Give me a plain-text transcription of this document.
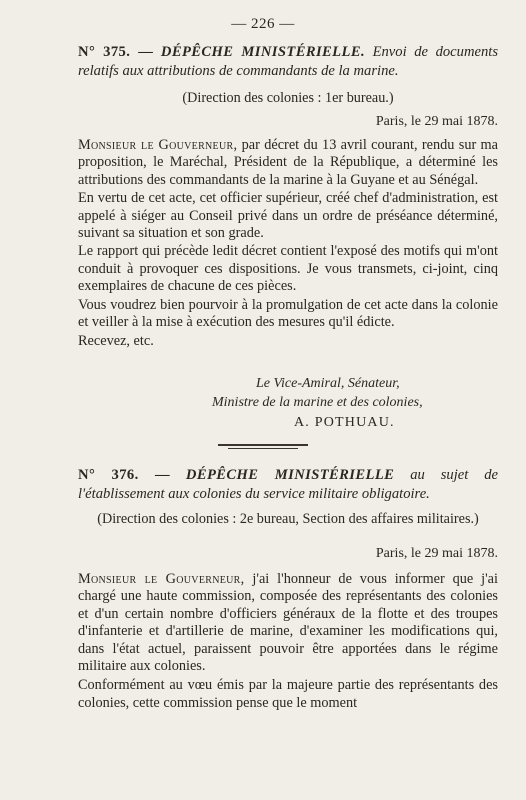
— 226 —
N° 375. — DÉPÊCHE MINISTÉRIELLE. Envoi de documents relatifs aux attributions de commandants de la marine.
(Direction des colonies : 1er bureau.)
Paris, le 29 mai 1878.

Monsieur le Gouverneur, par décret du 13 avril courant, rendu sur ma proposition, le Maréchal, Président de la République, a déterminé les attributions des commandants de la marine à la Guyane et au Sénégal.

En vertu de cet acte, cet officier supérieur, créé chef d'administration, est appelé à siéger au Conseil privé dans un ordre de préséance déterminé, suivant sa situation et son grade.

Le rapport qui précède ledit décret contient l'exposé des motifs qui m'ont conduit à provoquer ces dispositions. Je vous transmets, ci-joint, cinq exemplaires de chacune de ces pièces.

Vous voudrez bien pourvoir à la promulgation de cet acte dans la colonie et veiller à la mise à exécution des mesures qu'il édicte.

Recevez, etc.

Le Vice-Amiral, Sénateur,
Ministre de la marine et des colonies,
A. POTHUAU.
N° 376. — DÉPÊCHE MINISTÉRIELLE au sujet de l'établissement aux colonies du service militaire obligatoire.
(Direction des colonies : 2e bureau, Section des affaires militaires.)
Paris, le 29 mai 1878.

Monsieur le Gouverneur, j'ai l'honneur de vous informer que j'ai chargé une haute commission, composée des représentants des colonies et d'un certain nombre d'officiers généraux de la flotte et des troupes d'infanterie et d'artillerie de marine, d'examiner les modifications qui, dans l'état actuel, paraissent pouvoir être apportées dans le régime militaire aux colonies.

Conformément au vœu émis par la majeure partie des représentants des colonies, cette commission pense que le moment
